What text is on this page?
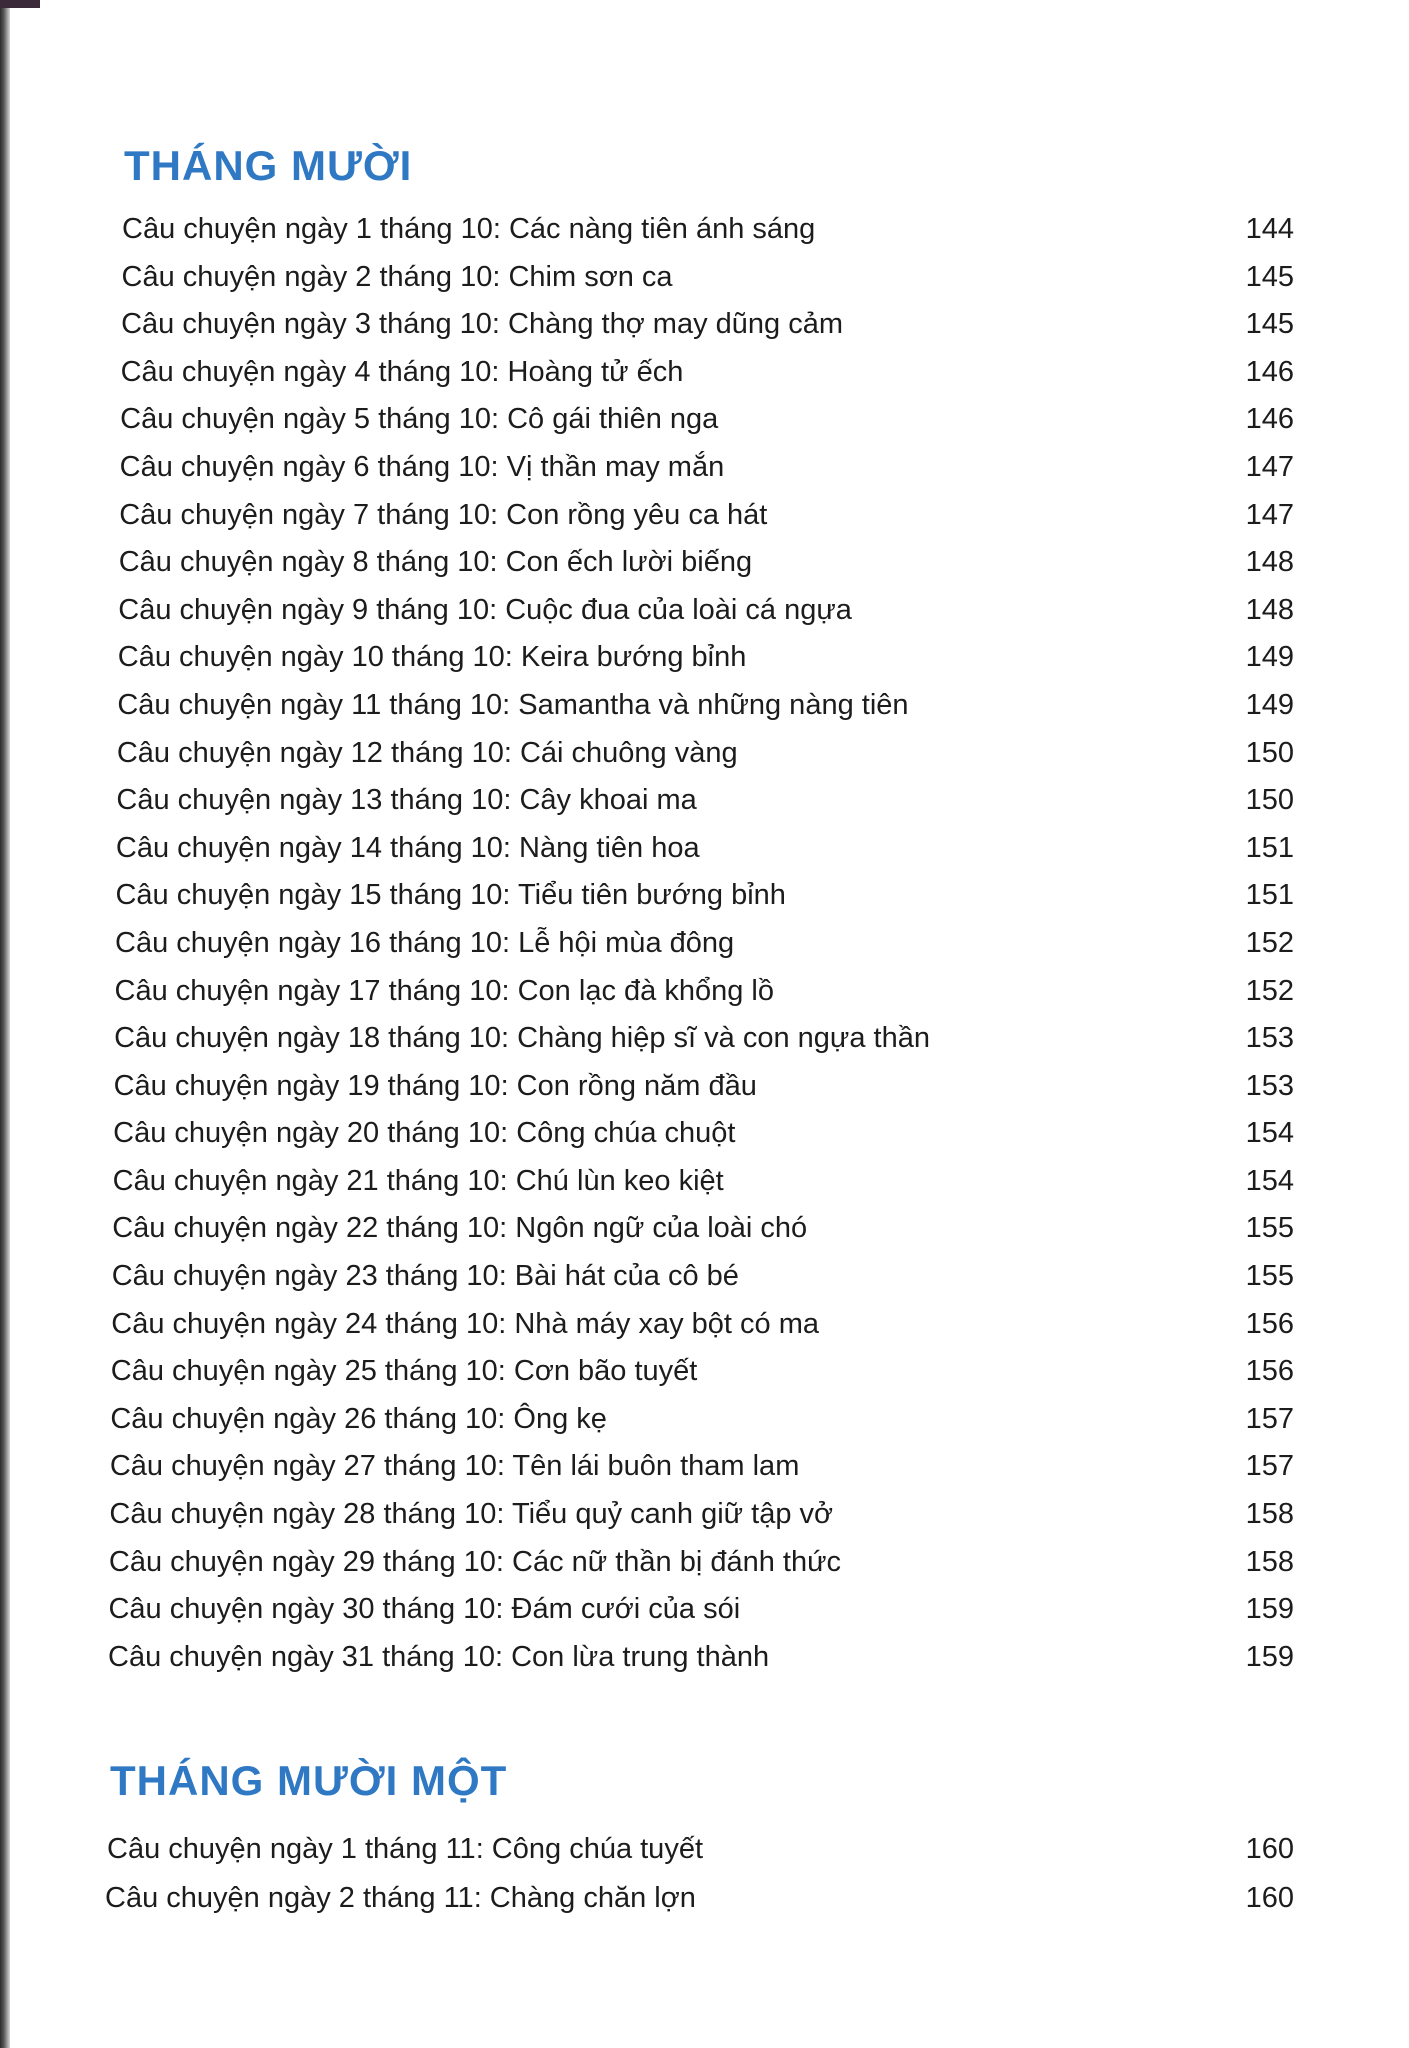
THÁNG MƯỜI
Câu chuyện ngày 1 tháng 10: Các nàng tiên ánh sáng	144
Câu chuyện ngày 2 tháng 10: Chim sơn ca	145
Câu chuyện ngày 3 tháng 10: Chàng thợ may dũng cảm	145
Câu chuyện ngày 4 tháng 10: Hoàng tử ếch	146
Câu chuyện ngày 5 tháng 10: Cô gái thiên nga	146
Câu chuyện ngày 6 tháng 10: Vị thần may mắn	147
Câu chuyện ngày 7 tháng 10: Con rồng yêu ca hát	147
Câu chuyện ngày 8 tháng 10: Con ếch lười biếng	148
Câu chuyện ngày 9 tháng 10: Cuộc đua của loài cá ngựa	148
Câu chuyện ngày 10 tháng 10: Keira bướng bỉnh	149
Câu chuyện ngày 11 tháng 10: Samantha và những nàng tiên	149
Câu chuyện ngày 12 tháng 10: Cái chuông vàng	150
Câu chuyện ngày 13 tháng 10: Cây khoai ma	150
Câu chuyện ngày 14 tháng 10: Nàng tiên hoa	151
Câu chuyện ngày 15 tháng 10: Tiểu tiên bướng bỉnh	151
Câu chuyện ngày 16 tháng 10: Lễ hội mùa đông	152
Câu chuyện ngày 17 tháng 10: Con lạc đà khổng lồ	152
Câu chuyện ngày 18 tháng 10: Chàng hiệp sĩ và con ngựa thần	153
Câu chuyện ngày 19 tháng 10: Con rồng năm đầu	153
Câu chuyện ngày 20 tháng 10: Công chúa chuột	154
Câu chuyện ngày 21 tháng 10: Chú lùn keo kiệt	154
Câu chuyện ngày 22 tháng 10: Ngôn ngữ của loài chó	155
Câu chuyện ngày 23 tháng 10: Bài hát của cô bé	155
Câu chuyện ngày 24 tháng 10: Nhà máy xay bột có ma	156
Câu chuyện ngày 25 tháng 10: Cơn bão tuyết	156
Câu chuyện ngày 26 tháng 10: Ông kẹ	157
Câu chuyện ngày 27 tháng 10: Tên lái buôn tham lam	157
Câu chuyện ngày 28 tháng 10: Tiểu quỷ canh giữ tập vở	158
Câu chuyện ngày 29 tháng 10: Các nữ thần bị đánh thức	158
Câu chuyện ngày 30 tháng 10: Đám cưới của sói	159
Câu chuyện ngày 31 tháng 10: Con lừa trung thành	159
THÁNG MƯỜI MỘT
Câu chuyện ngày 1 tháng 11: Công chúa tuyết	160
Câu chuyện ngày 2 tháng 11: Chàng chăn lợn	160
